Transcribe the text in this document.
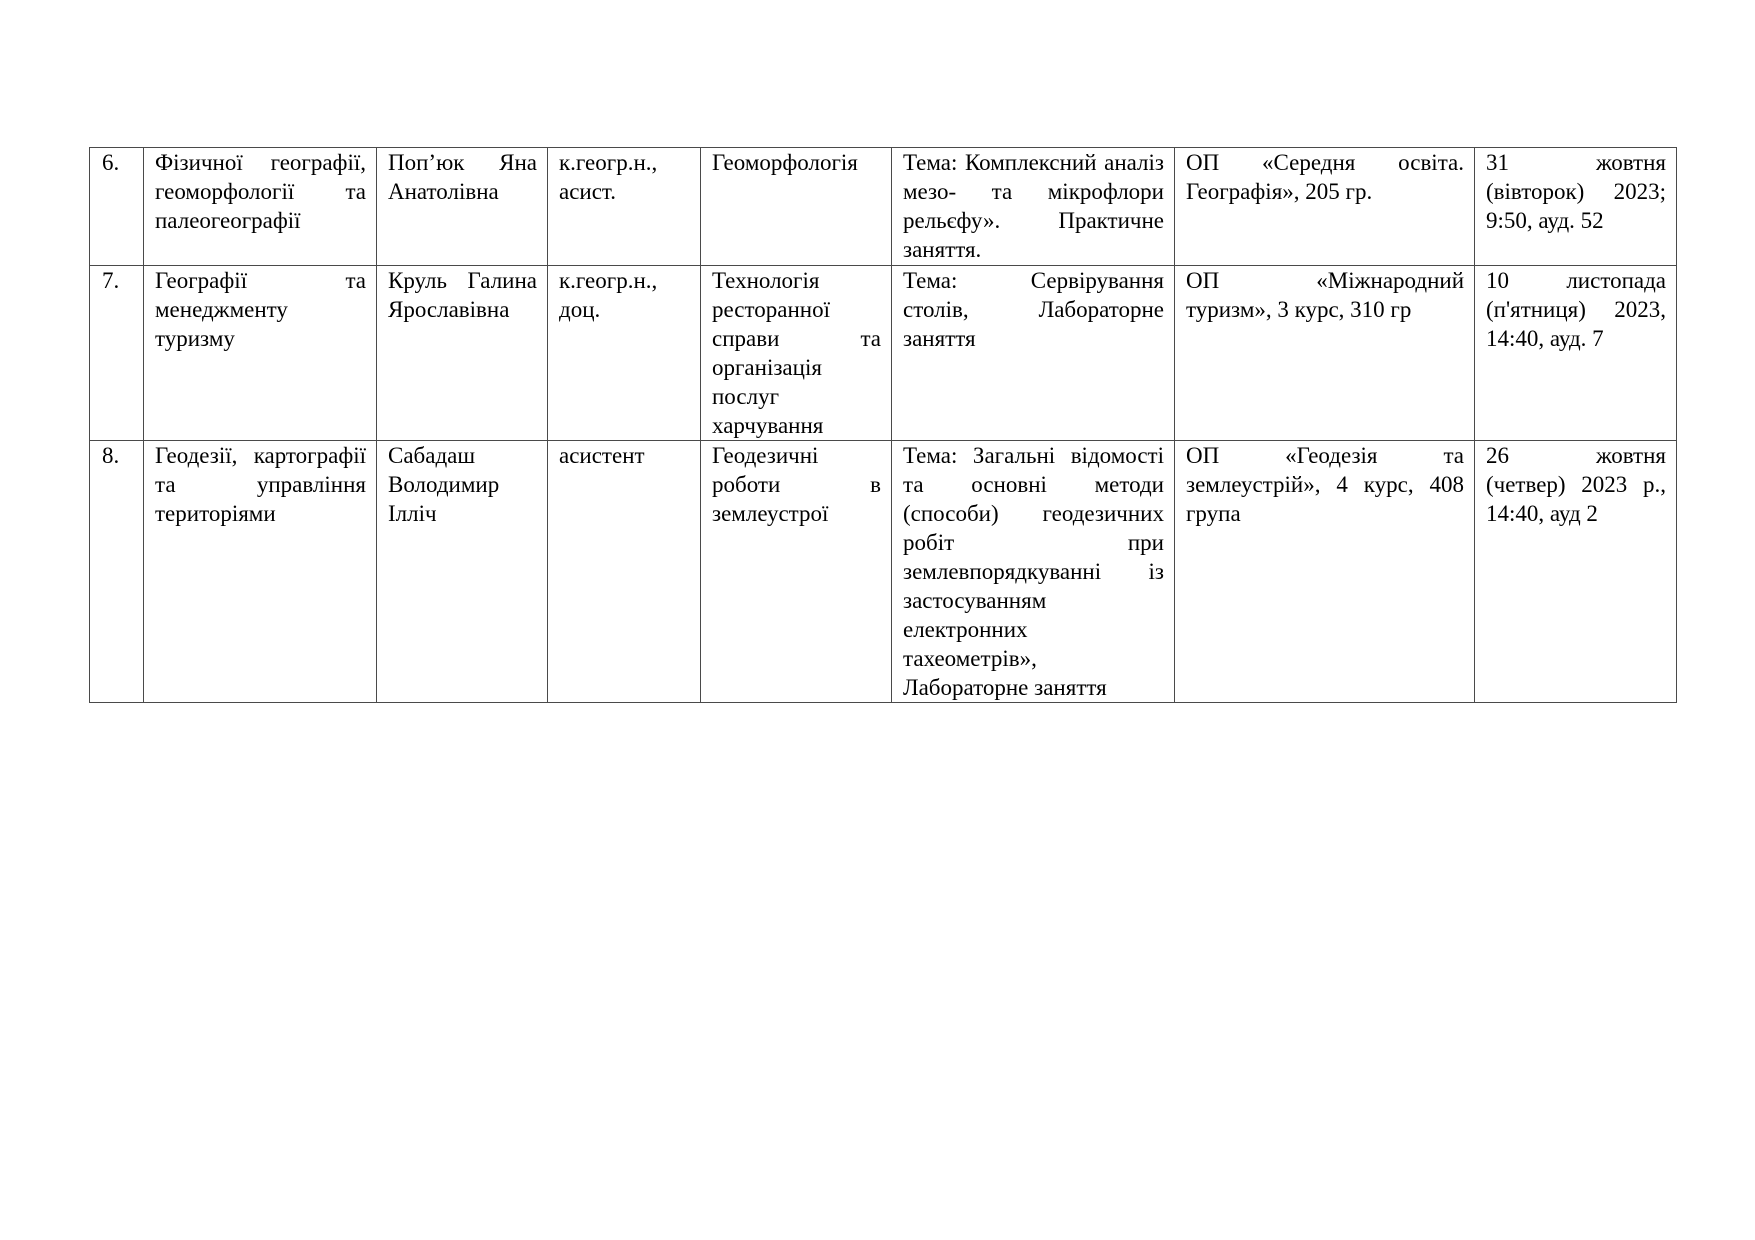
6.	Фізичної географії, геоморфології та палеогеографії	Поп’юк Яна Анатолівна	к.геогр.н., асист.	Геоморфологія	Тема: Комплексний аналіз мезо- та мікрофлори рельєфу». Практичне заняття.	ОП «Середня освіта. Географія», 205 гр.	31 жовтня (вівторок) 2023; 9:50, ауд. 52
7.	Географії та менеджменту туризму	Круль Галина Ярославівна	к.геогр.н., доц.	Технологія ресторанної справи та організація послуг харчування	Тема: Сервірування столів, Лабораторне заняття	ОП «Міжнародний туризм», 3 курс, 310 гр	10 листопада (п'ятниця) 2023, 14:40, ауд. 7
8.	Геодезії, картографії та управління територіями	Сабадаш Володимир Ілліч	асистент	Геодезичні роботи в землеустрої	Тема: Загальні відомості та основні методи (способи) геодезичних робіт при землевпорядкуванні із застосуванням електронних тахеометрів», Лабораторне заняття	ОП «Геодезія та землеустрій», 4 курс, 408 група	26 жовтня (четвер) 2023 р., 14:40, ауд 2
